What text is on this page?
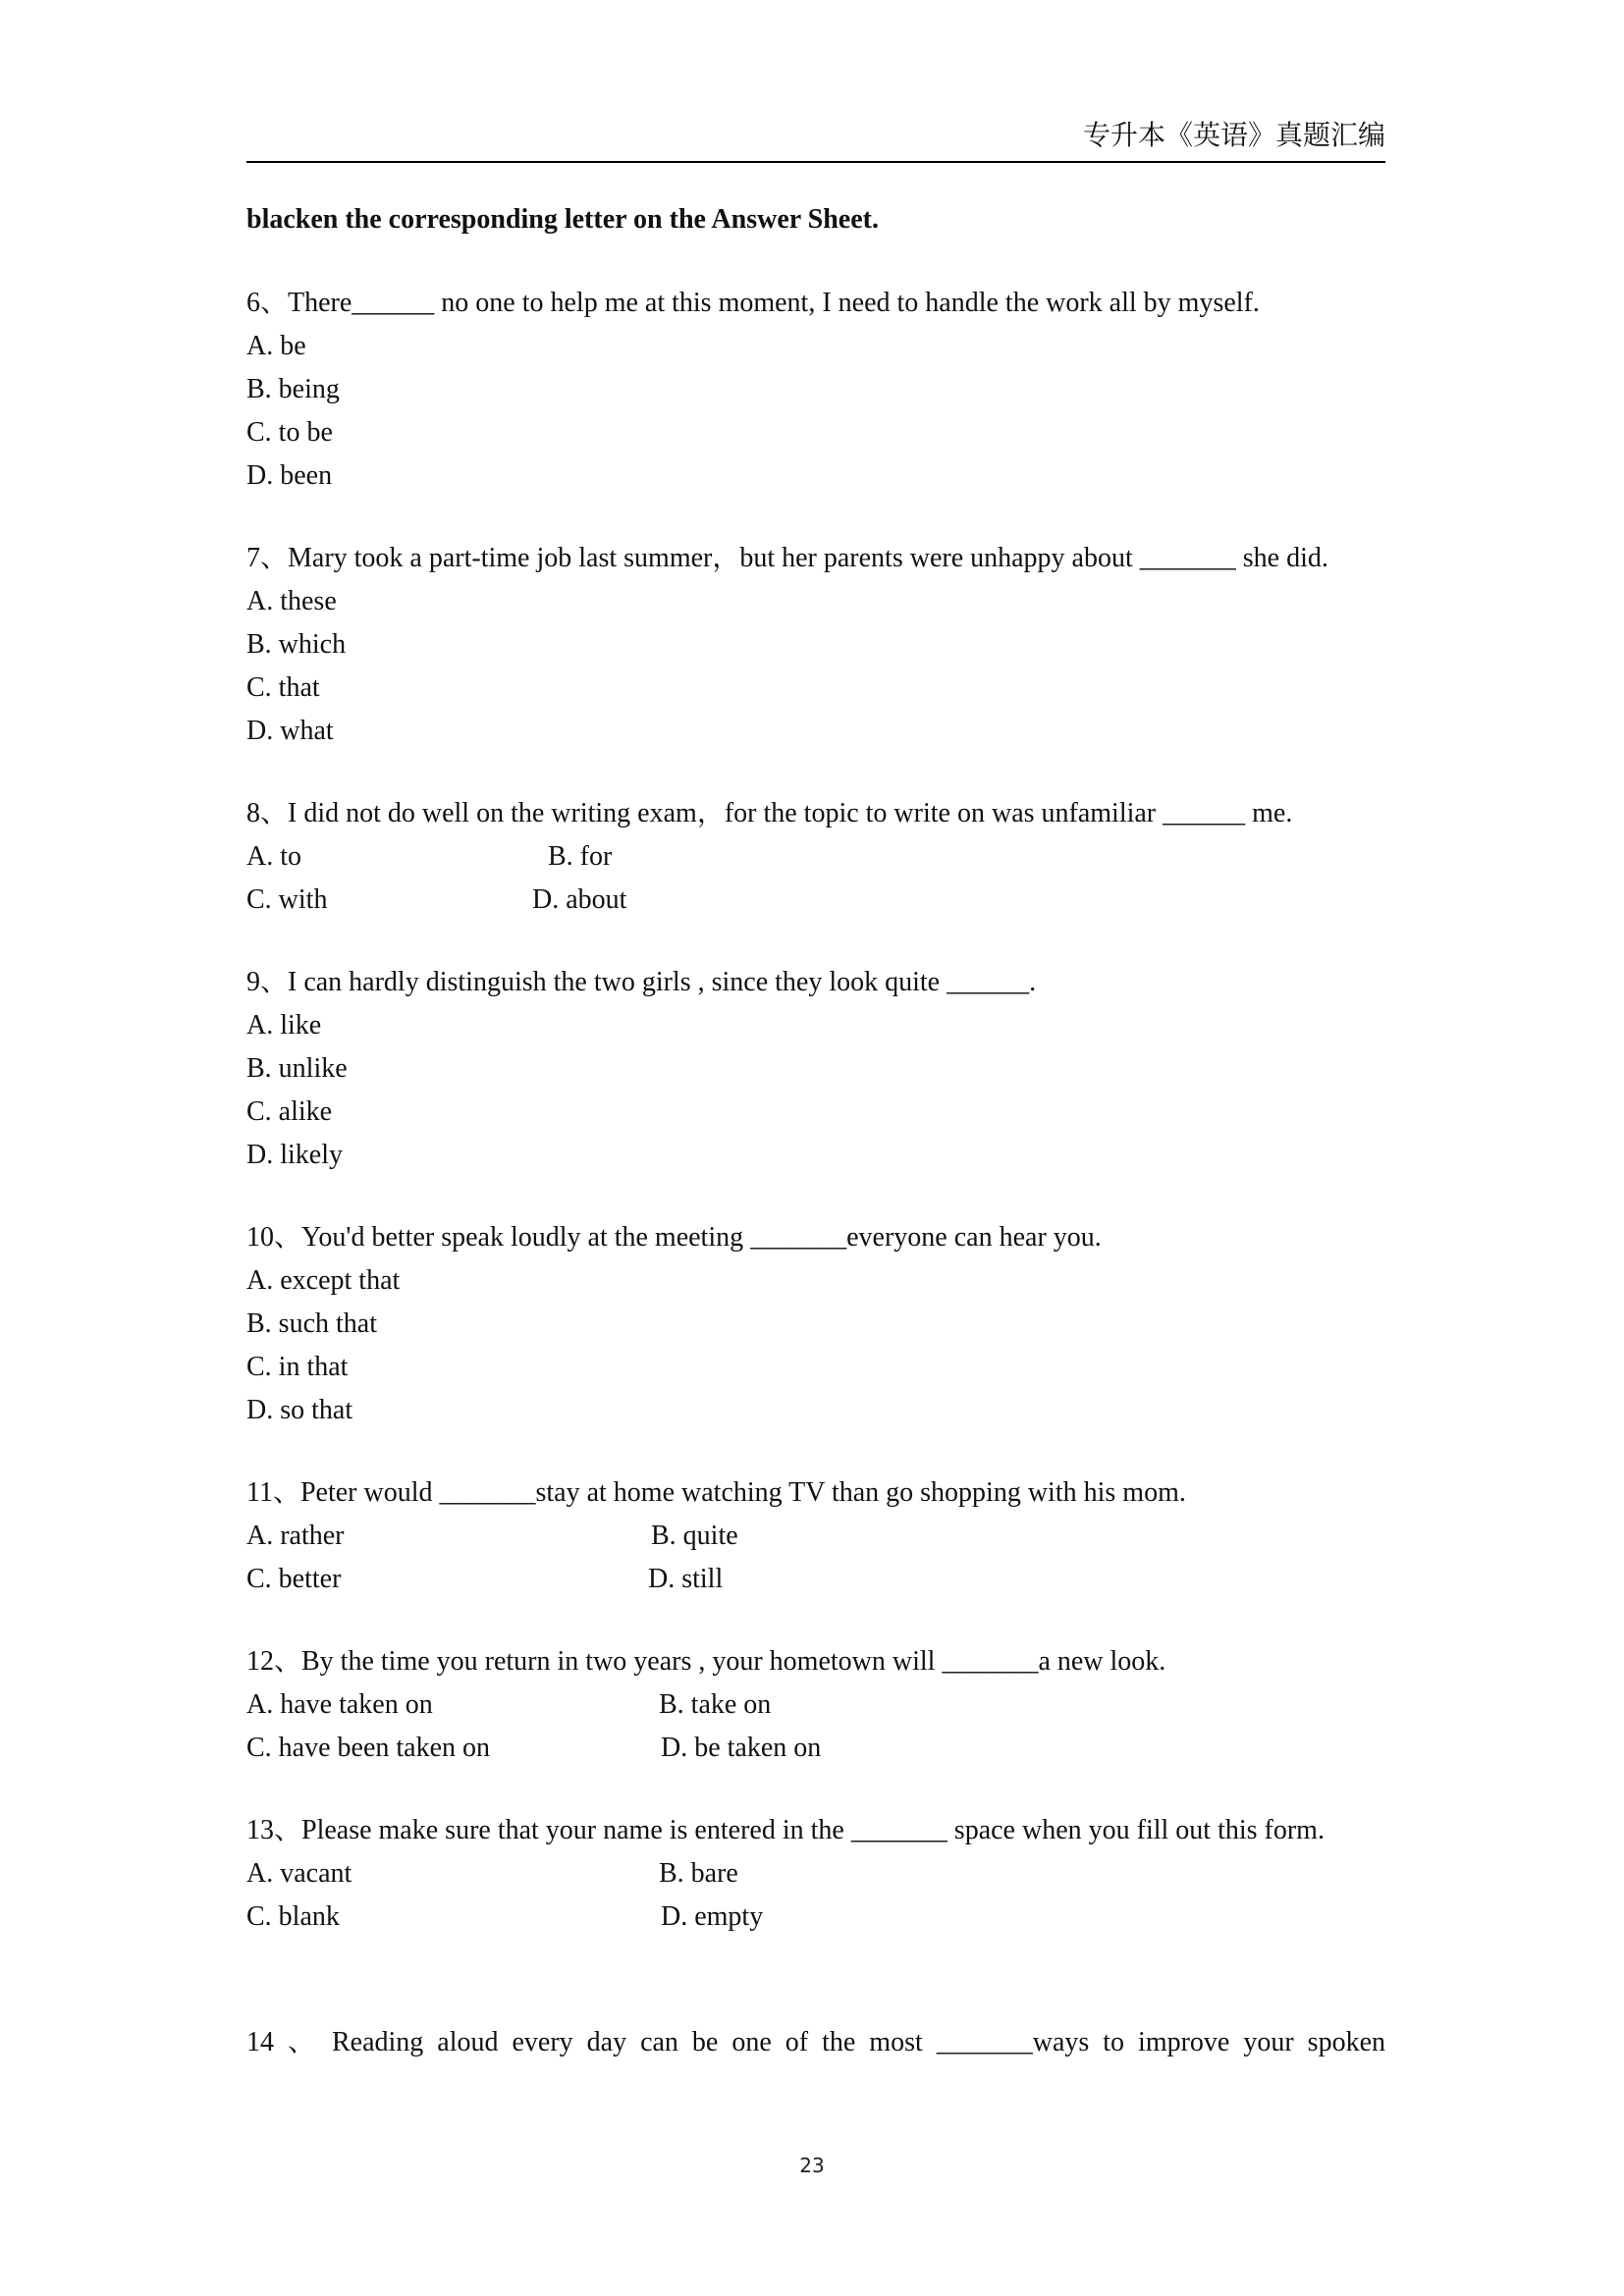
专升本《英语》真题汇编

blacken the corresponding letter on the Answer Sheet.

6、There______ no one to help me at this moment, I need to handle the work all by myself.

A. be

B. being

C. to be

D. been

7、Mary took a part-time job last summer，but her parents were unhappy about _______ she did.

A. these

B. which

C. that

D. what

8、I did not do well on the writing exam，for the topic to write on was unfamiliar ______ me.

A. to	B. for
C. with	D. about

9、I can hardly distinguish the two girls , since they look quite ______.

A. like

B. unlike

C. alike

D. likely

10、You'd better speak loudly at the meeting _______everyone can hear you.

A. except that

B. such that

C. in that

D. so that

11、Peter would _______stay at home watching TV than go shopping with his mom.

A. rather	B. quite
C. better	D. still

12、By the time you return in two years , your hometown will _______a new look.

A. have taken on	B. take on
C. have been taken on	D. be taken on

13、Please make sure that your name is entered in the _______ space when you fill out this form.

A. vacant	B. bare
C. blank	D. empty

14 、 Reading aloud every day can be one of the most _______ways to improve your spoken

23
